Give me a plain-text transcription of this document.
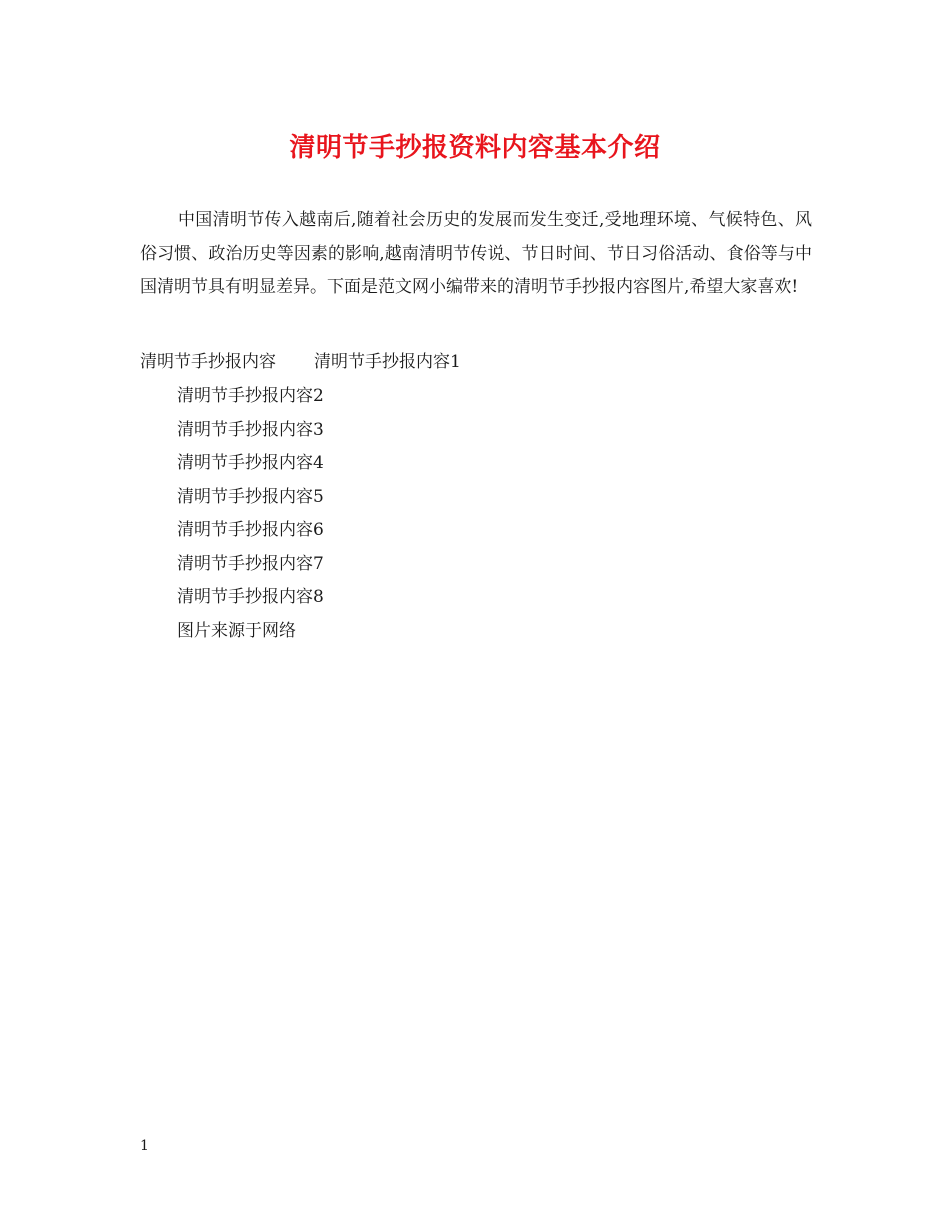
清明节手抄报资料内容基本介绍

中国清明节传入越南后,随着社会历史的发展而发生变迁,受地理环境、气候特色、风俗习惯、政治历史等因素的影响,越南清明节传说、节日时间、节日习俗活动、食俗等与中国清明节具有明显差异。下面是范文网小编带来的清明节手抄报内容图片,希望大家喜欢!

清明节手抄报内容 清明节手抄报内容1
清明节手抄报内容2
清明节手抄报内容3
清明节手抄报内容4
清明节手抄报内容5
清明节手抄报内容6
清明节手抄报内容7
清明节手抄报内容8
图片来源于网络
1
